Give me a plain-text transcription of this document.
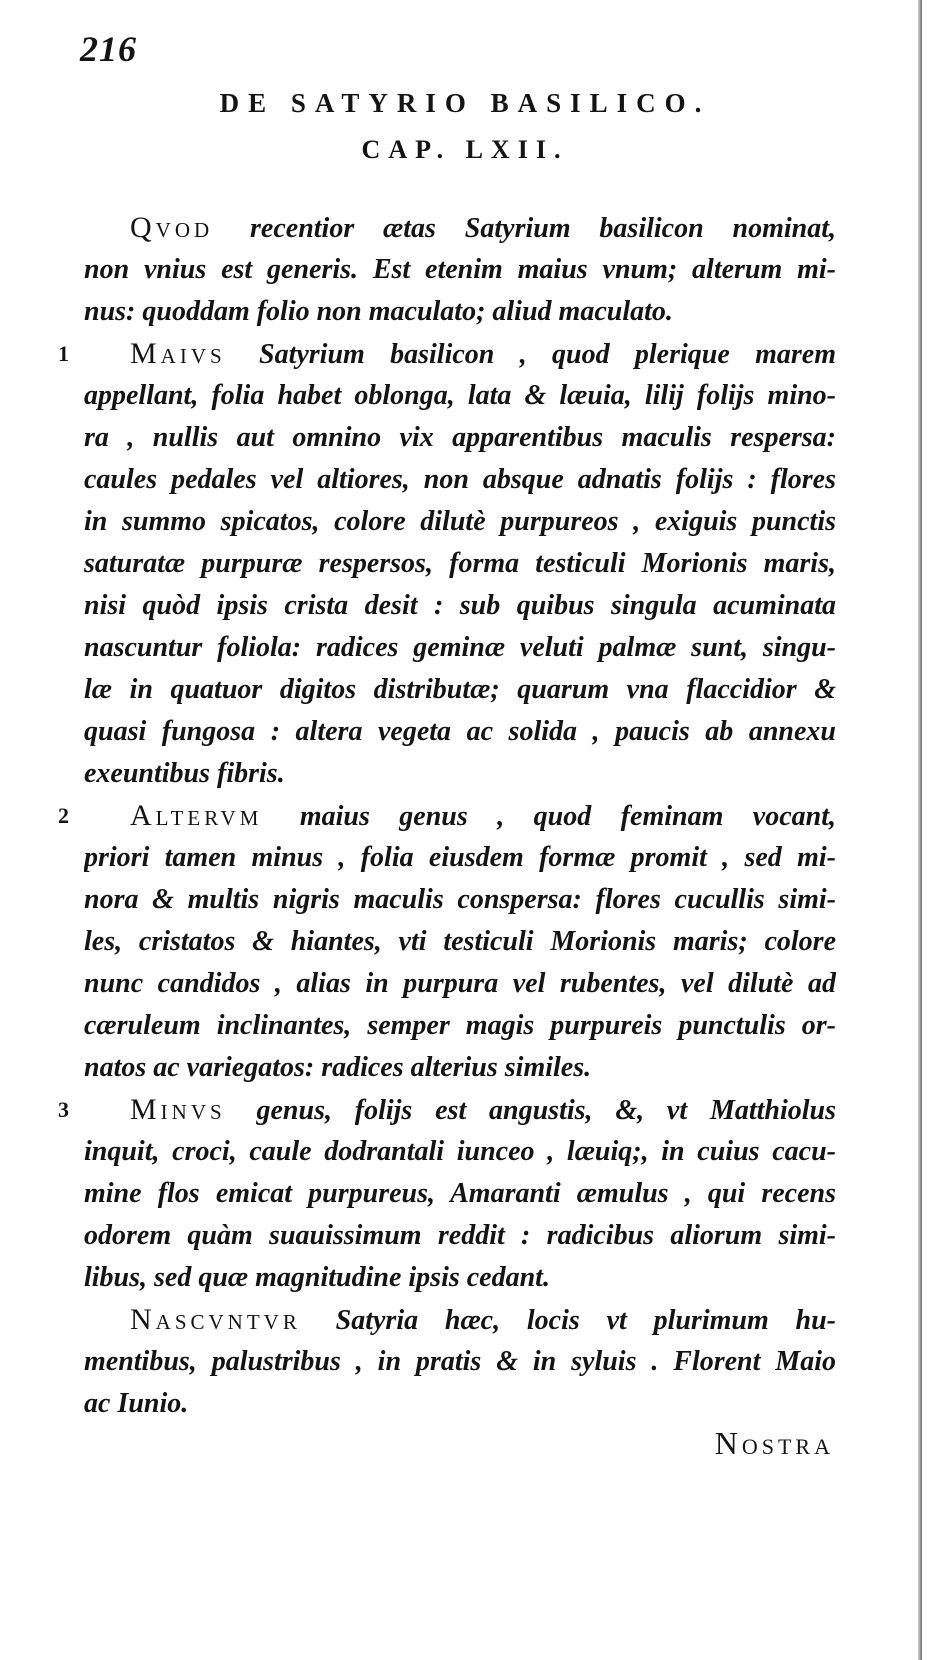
216
DE SATYRIO BASILICO.
CAP. LXII.
Qvod recentior ætas Satyrium basilicon nominat,
non vnius est generis. Est etenim maius vnum; alterum mi-
nus: quoddam folio non maculato; aliud maculato.
1 Maivs Satyrium basilicon , quod plerique marem
appellant, folia habet oblonga, lata & læuia, lilij folijs mino-
ra , nullis aut omnino vix apparentibus maculis respersa:
caules pedales vel altiores, non absque adnatis folijs : flores
in summo spicatos, colore dilutè purpureos , exiguis punctis
saturatæ purpuræ respersos, forma testiculi Morionis maris,
nisi quòd ipsis crista desit : sub quibus singula acuminata
nascuntur foliola: radices geminæ veluti palmæ sunt, singu-
læ in quatuor digitos distributæ; quarum vna flaccidior &
quasi fungosa : altera vegeta ac solida , paucis ab annexu
exeuntibus fibris.
2 Altervm maius genus , quod feminam vocant,
priori tamen minus , folia eiusdem formæ promit , sed mi-
nora & multis nigris maculis conspersa: flores cucullis simi-
les, cristatos & hiantes, vti testiculi Morionis maris; colore
nunc candidos , alias in purpura vel rubentes, vel dilutè ad
cæruleum inclinantes, semper magis purpureis punctulis or-
natos ac variegatos: radices alterius similes.
3 Minvs genus, folijs est angustis, &, vt Matthiolus
inquit, croci, caule dodrantali iunceo , læuiq;, in cuius cacu-
mine flos emicat purpureus, Amaranti æmulus , qui recens
odorem quàm suauissimum reddit : radicibus aliorum simi-
libus, sed quæ magnitudine ipsis cedant.
Nascvntvr Satyria hæc, locis vt plurimum hu-
mentibus, palustribus , in pratis & in syluis . Florent Maio
ac Iunio.
Nostra
